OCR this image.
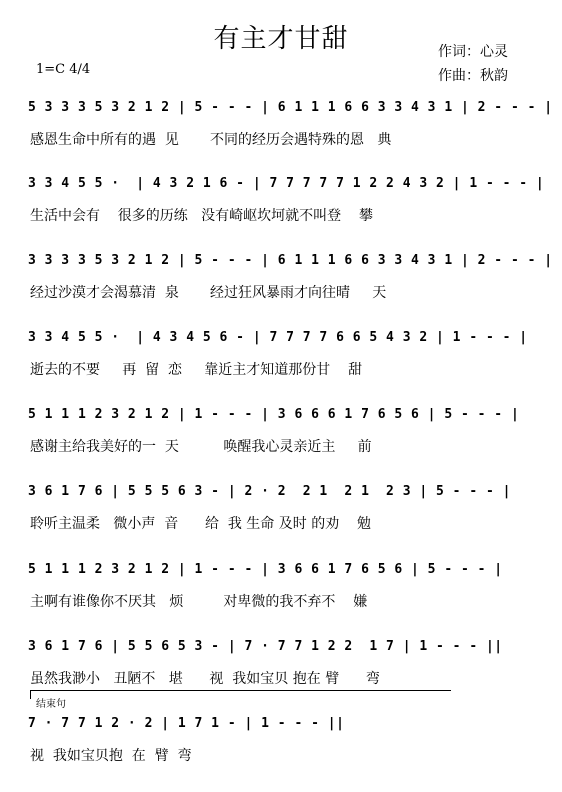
有主才甘甜	作词：心灵
作曲：秋韵
1=C 4/4
5 3 3 3 5 3 2 1 2 | 5 - - - | 6 1 1 1 6 6 3 3 4 3 1 | 2 - - - |
感恩生命中所有的遇  见       不同的经历会遇特殊的恩   典
3 3 4 5 5 ·  | 4 3 2 1 6 - | 7 7 7 7 7 1 2 2 4 3 2 | 1 - - - |
生活中会有    很多的历练   没有崎岖坎坷就不叫登    攀
3 3 3 3 5 3 2 1 2 | 5 - - - | 6 1 1 1 6 6 3 3 4 3 1 | 2 - - - |
经过沙漠才会渴慕清  泉       经过狂风暴雨才向往晴     天
3 3 4 5 5 ·  | 4 3 4 5 6 - | 7 7 7 7 6 6 5 4 3 2 | 1 - - - |
逝去的不要     再  留  恋     靠近主才知道那份甘    甜
5 1 1 1 2 3 2 1 2 | 1 - - - | 3 6 6 6 1 7 6 5 6 | 5 - - - |
感谢主给我美好的一  天          唤醒我心灵亲近主     前
3 6 1 7 6 | 5 5 5 6 3 - | 2 · 2  2 1  2 1  2 3 | 5 - - - |
聆听主温柔   微小声  音      给  我 生命 及时 的劝    勉
5 1 1 1 2 3 2 1 2 | 1 - - - | 3 6 6 1 7 6 5 6 | 5 - - - |
主啊有谁像你不厌其   烦         对卑微的我不弃不    嫌
3 6 1 7 6 | 5 5 6 5 3 - | 7 · 7 7 1 2 2  1 7 | 1 - - - ||
虽然我渺小   丑陋不   堪      视  我如宝贝 抱在 臂      弯
结束句
7 · 7 7 1 2 · 2 | 1 7 1 - | 1 - - - ||
视  我如宝贝抱  在  臂  弯
